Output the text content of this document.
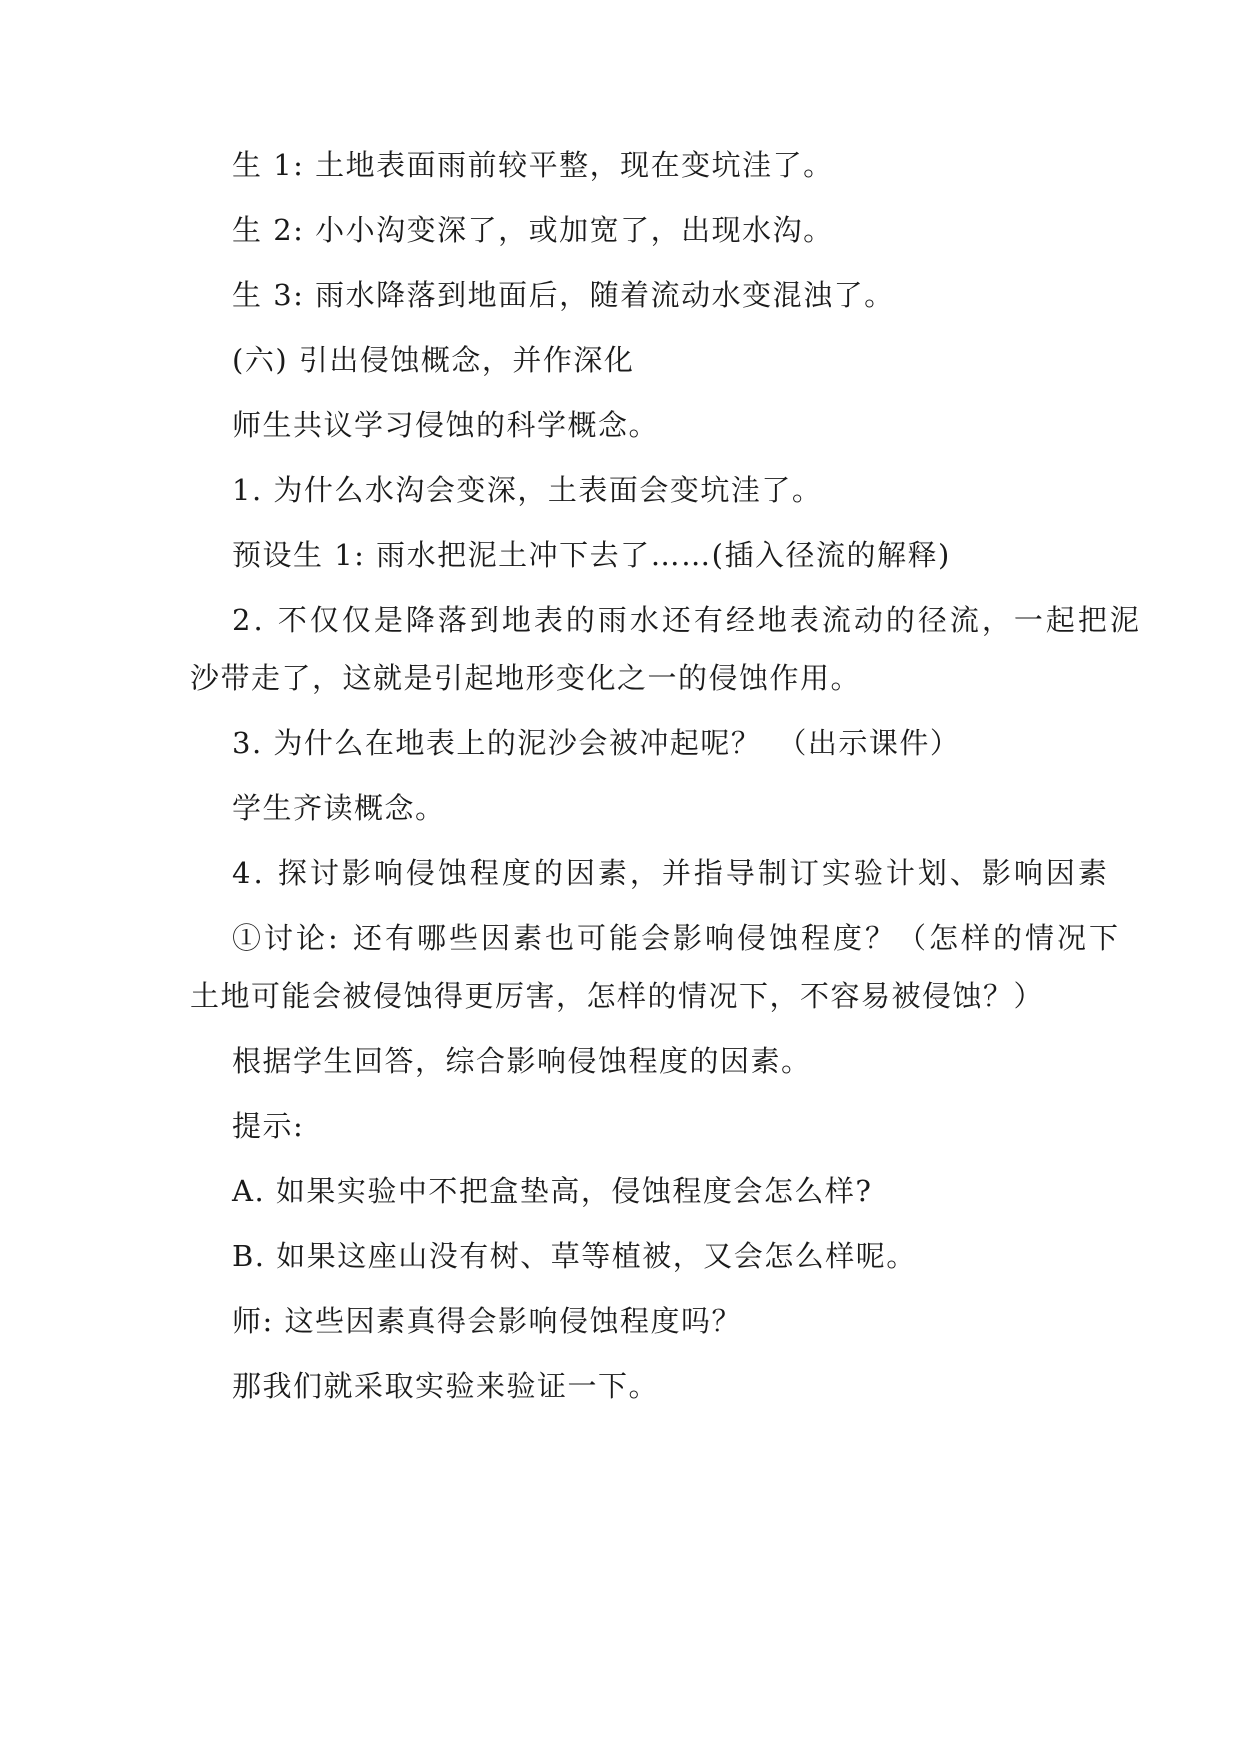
生 1: 土地表面雨前较平整，现在变坑洼了。

生 2: 小小沟变深了，或加宽了，出现水沟。

生 3: 雨水降落到地面后，随着流动水变混浊了。

(六) 引出侵蚀概念，并作深化

师生共议学习侵蚀的科学概念。

1. 为什么水沟会变深，土表面会变坑洼了。

预设生 1: 雨水把泥土冲下去了……(插入径流的解释)

2. 不仅仅是降落到地表的雨水还有经地表流动的径流，一起把泥

沙带走了，这就是引起地形变化之一的侵蚀作用。

3. 为什么在地表上的泥沙会被冲起呢？　（出示课件）

学生齐读概念。

4. 探讨影响侵蚀程度的因素，并指导制订实验计划、影响因素

①讨论: 还有哪些因素也可能会影响侵蚀程度？（怎样的情况下

土地可能会被侵蚀得更厉害，怎样的情况下，不容易被侵蚀？）

根据学生回答，综合影响侵蚀程度的因素。

提示:

A. 如果实验中不把盒垫高，侵蚀程度会怎么样?

B. 如果这座山没有树、草等植被，又会怎么样呢。

师: 这些因素真得会影响侵蚀程度吗？

那我们就采取实验来验证一下。
